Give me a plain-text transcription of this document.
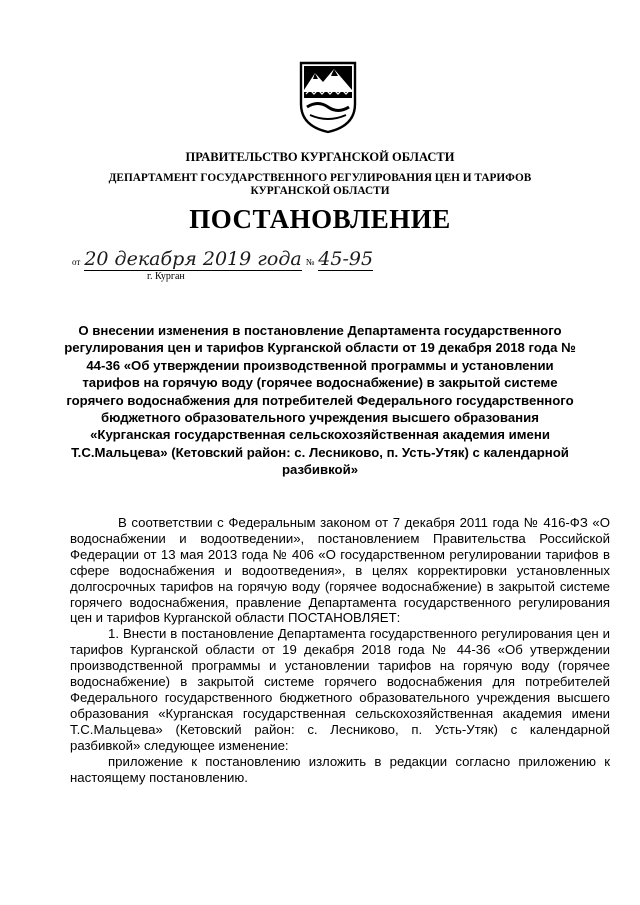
ПРАВИТЕЛЬСТВО КУРГАНСКОЙ ОБЛАСТИ
ДЕПАРТАМЕНТ ГОСУДАРСТВЕННОГО РЕГУЛИРОВАНИЯ ЦЕН И ТАРИФОВ
КУРГАНСКОЙ ОБЛАСТИ
ПОСТАНОВЛЕНИЕ
от 20 декабря 2019 года № 45-95
г. Курган
О внесении изменения в постановление Департамента государственного регулирования цен и тарифов Курганской области от 19 декабря 2018 года № 44-36 «Об утверждении производственной программы и установлении тарифов на горячую воду (горячее водоснабжение) в закрытой системе горячего водоснабжения для потребителей Федерального государственного бюджетного образовательного учреждения высшего образования «Курганская государственная сельскохозяйственная академия имени Т.С.Мальцева» (Кетовский район: с. Лесниково, п. Усть-Утяк) с календарной разбивкой»

В соответствии с Федеральным законом от 7 декабря 2011 года № 416-ФЗ «О водоснабжении и водоотведении», постановлением Правительства Российской Федерации от 13 мая 2013 года № 406 «О государственном регулировании тарифов в сфере водоснабжения и водоотведения», в целях корректировки установленных долгосрочных тарифов на горячую воду (горячее водоснабжение) в закрытой системе горячего водоснабжения, правление Департамента государственного регулирования цен и тарифов Курганской области ПОСТАНОВЛЯЕТ:

1. Внести в постановление Департамента государственного регулирования цен и тарифов Курганской области от 19 декабря 2018 года № 44-36 «Об утверждении производственной программы и установлении тарифов на горячую воду (горячее водоснабжение) в закрытой системе горячего водоснабжения для потребителей Федерального государственного бюджетного образовательного учреждения высшего образования «Курганская государственная сельскохозяйственная академия имени Т.С.Мальцева» (Кетовский район: с. Лесниково, п. Усть-Утяк) с календарной разбивкой» следующее изменение:

приложение к постановлению изложить в редакции согласно приложению к настоящему постановлению.
